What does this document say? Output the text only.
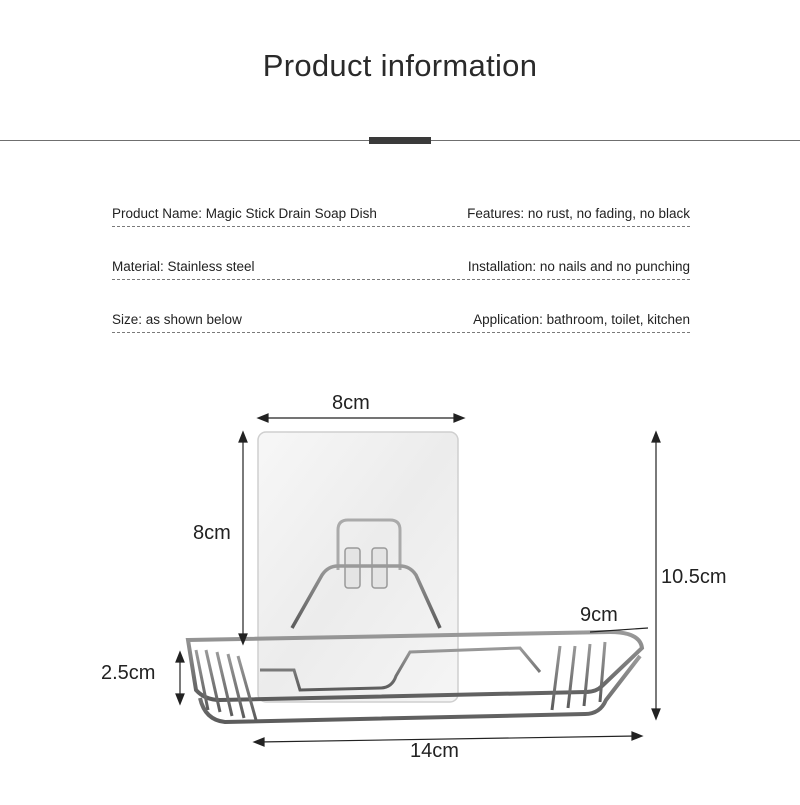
Product information
Product Name: Magic Stick Drain Soap Dish	Features: no rust, no fading, no black
Material: Stainless steel	Installation: no nails and no punching
Size: as shown below	Application: bathroom, toilet, kitchen
8cm
8cm
10.5cm
9cm
2.5cm
14cm
